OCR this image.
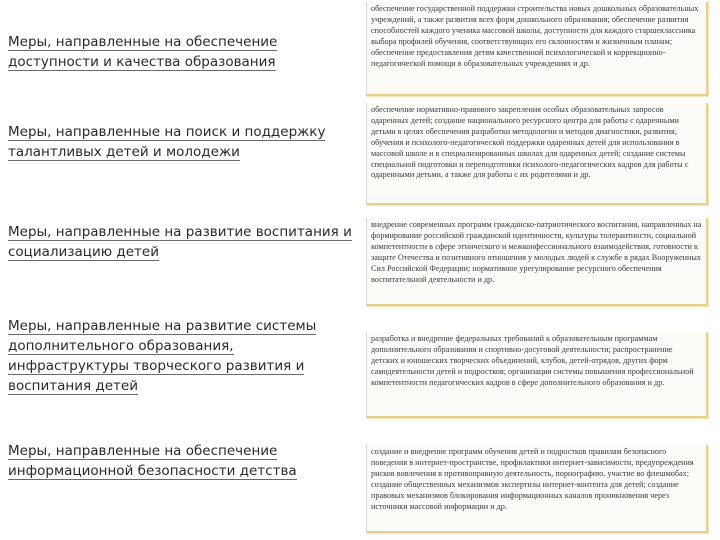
Меры, направленные на обеспечение доступности и качества образования
обеспечение государственной поддержки строительства новых дошкольных образовательных учреждений, а также развития всех форм дошкольного образования; обеспечение развития способностей каждого ученика массовой школы, доступности для каждого старшеклассника выбора профилей обучения, соответствующих его склонностям и жизненным планам; обеспечение предоставления детям качественной психологической и коррекционно-педагогической помощи в образовательных учреждениях и др.
Меры, направленные на поиск и поддержку талантливых детей и молодежи
обеспечение нормативно-правового закрепления особых образовательных запросов одаренных детей; создание национального ресурсного центра для работы с одаренными детьми в целях обеспечения разработки методологии и методов диагностики, развития, обучения и психолого-педагогической поддержки одаренных детей для использования в массовой школе и в специализированных школах для одаренных детей; создание системы специальной подготовки и переподготовки психолого-педагогических кадров для работы с одаренными детьми, а также для работы с их родителями и др.
Меры, направленные на развитие воспитания и социализацию детей
внедрение современных программ гражданско-патриотического воспитания, направленных на формирование российской гражданской идентичности, культуры толерантности, социальной компетентности в сфере этнического и межконфессионального взаимодействия, готовности к защите Отечества и позитивного отношения у молодых людей к службе в рядах Вооруженных Сил Российской Федерации; нормативное урегулирование ресурсного обеспечения воспитательной деятельности и др.
Меры, направленные на развитие системы дополнительного образования, инфраструктуры творческого развития и воспитания детей
разработка и внедрение федеральных требований к образовательным программам дополнительного образования и спортивно-досуговой деятельности; распространение детских и юношеских творческих объединений, клубов, детей-отрядов, других форм самодеятельности детей и подростков; организация системы повышения профессиональной компетентности педагогических кадров в сфере дополнительного образования и др.
Меры, направленные на обеспечение информационной безопасности детства
создание и внедрение программ обучения детей и подростков правилам безопасного поведения в интернет-пространстве, профилактики интернет-зависимости, предупреждения рисков вовлечения в противоправную деятельность, порнографию, участие во флешмобах; создание общественных механизмов экспертизы интернет-контента для детей; создание правовых механизмов блокирования информационных каналов проникновения через источники массовой информации и др.
